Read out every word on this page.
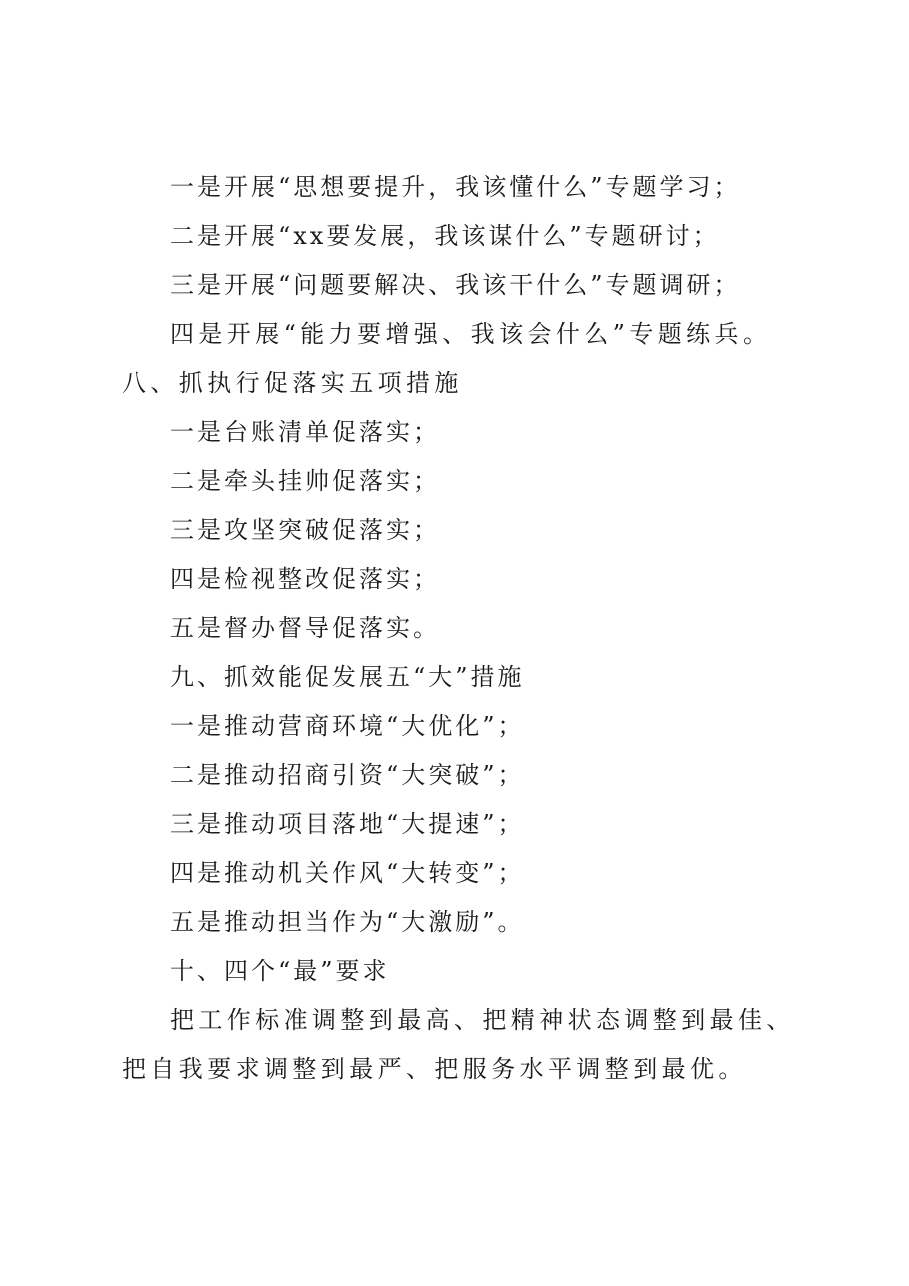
一是开展“思想要提升，我该懂什么”专题学习；

二是开展“xx要发展，我该谋什么”专题研讨；

三是开展“问题要解决、我该干什么”专题调研；

四是开展“能力要增强、我该会什么”专题练兵。八、抓执行促落实五项措施

一是台账清单促落实；

二是牵头挂帅促落实；

三是攻坚突破促落实；

四是检视整改促落实；

五是督办督导促落实。

九、抓效能促发展五“大”措施

一是推动营商环境“大优化”；

二是推动招商引资“大突破”；

三是推动项目落地“大提速”；

四是推动机关作风“大转变”；

五是推动担当作为“大激励”。

十、四个“最”要求

把工作标准调整到最高、把精神状态调整到最佳、把自我要求调整到最严、把服务水平调整到最优。
